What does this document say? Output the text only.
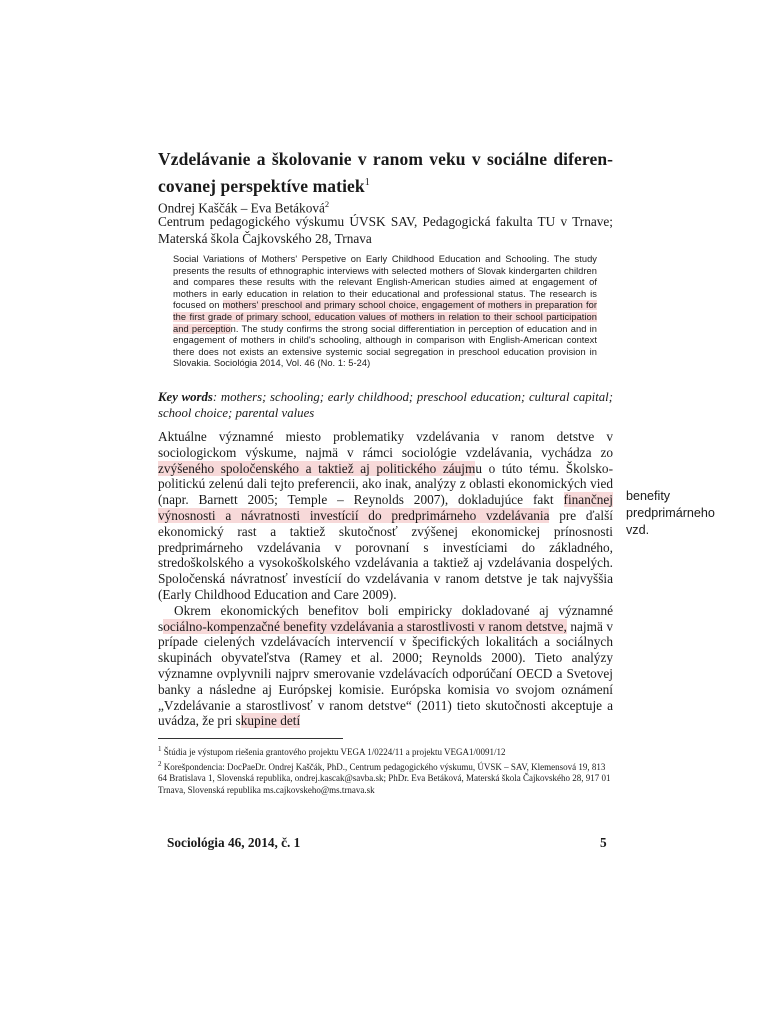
Vzdelávanie a školovanie v ranom veku v sociálne diferencovanej perspektíve matiek$^1$
Ondrej Kaščák – Eva Betáková$^2$
Centrum pedagogického výskumu ÚVSK SAV, Pedagogická fakulta TU v Trnave; Materská škola Čajkovského 28, Trnava
Social Variations of Mothers' Perspetive on Early Childhood Education and Schooling. The study presents the results of ethnographic interviews with selected mothers of Slovak kindergarten children and compares these results with the relevant English-American studies aimed at engagement of mothers in early education in relation to their educational and professional status. The research is focused on mothers' preschool and primary school choice, engagement of mothers in preparation for the first grade of primary school, education values of mothers in relation to their school participation and perception. The study confirms the strong social differentiation in perception of education and in engagement of mothers in child's schooling, although in comparison with English-American context there does not exists an extensive systemic social segregation in preschool education provision in Slovakia. Sociológia 2014, Vol. 46 (No. 1: 5-24)
Key words: mothers; schooling; early childhood; preschool education; cultural capital; school choice; parental values

Aktuálne významné miesto problematiky vzdelávania v ranom detstve v sociologickom výskume, najmä v rámci sociológie vzdelávania, vychádza zo zvýšeného spoločenského a taktiež aj politického záujmu o túto tému. Školsko-politickú zelenú dali tejto preferencii, ako inak, analýzy z oblasti ekonomických vied (napr. Barnett 2005; Temple – Reynolds 2007), dokladujúce fakt finančnej výnosnosti a návratnosti investícií do predprimárneho vzdelávania pre ďalší ekonomický rast a taktiež skutočnosť zvýšenej ekonomickej prínosnosti predprimárneho vzdelávania v porovnaní s investíciami do základného, stredoškolského a vysokoškolského vzdelávania a taktiež aj vzdelávania dospelých. Spoločenská návratnosť investícií do vzdelávania v ranom detstve je tak najvyššia (Early Childhood Education and Care 2009).

Okrem ekonomických benefitov boli empiricky dokladované aj významné sociálno-kompenzačné benefity vzdelávania a starostlivosti v ranom detstve, najmä v prípade cielených vzdelávacích intervencií v špecifických lokalitách a sociálnych skupinách obyvateľstva (Ramey et al. 2000; Reynolds 2000). Tieto analýzy významne ovplyvnili najprv smerovanie vzdelávacích odporúčaní OECD a Svetovej banky a následne aj Európskej komisie. Európska komisia vo svojom oznámení „Vzdelávanie a starostlivosť v ranom detstve“ (2011) tieto skutočnosti akceptuje a uvádza, že pri skupine detí

benefity
predprimárneho
vzd.

$^1$ Štúdia je výstupom riešenia grantového projektu VEGA 1/0224/11 a projektu VEGA1/0091/12

$^2$ Korešpondencia: DocPaeDr. Ondrej Kaščák, PhD., Centrum pedagogického výskumu, ÚVSK – SAV, Klemensová 19, 813 64 Bratislava 1, Slovenská republika, ondrej.kascak@savba.sk; PhDr. Eva Betáková, Materská škola Čajkovského 28, 917 01 Trnava, Slovenská republika ms.cajkovskeho@ms.trnava.sk

Sociológia 46, 2014, č. 1	5
